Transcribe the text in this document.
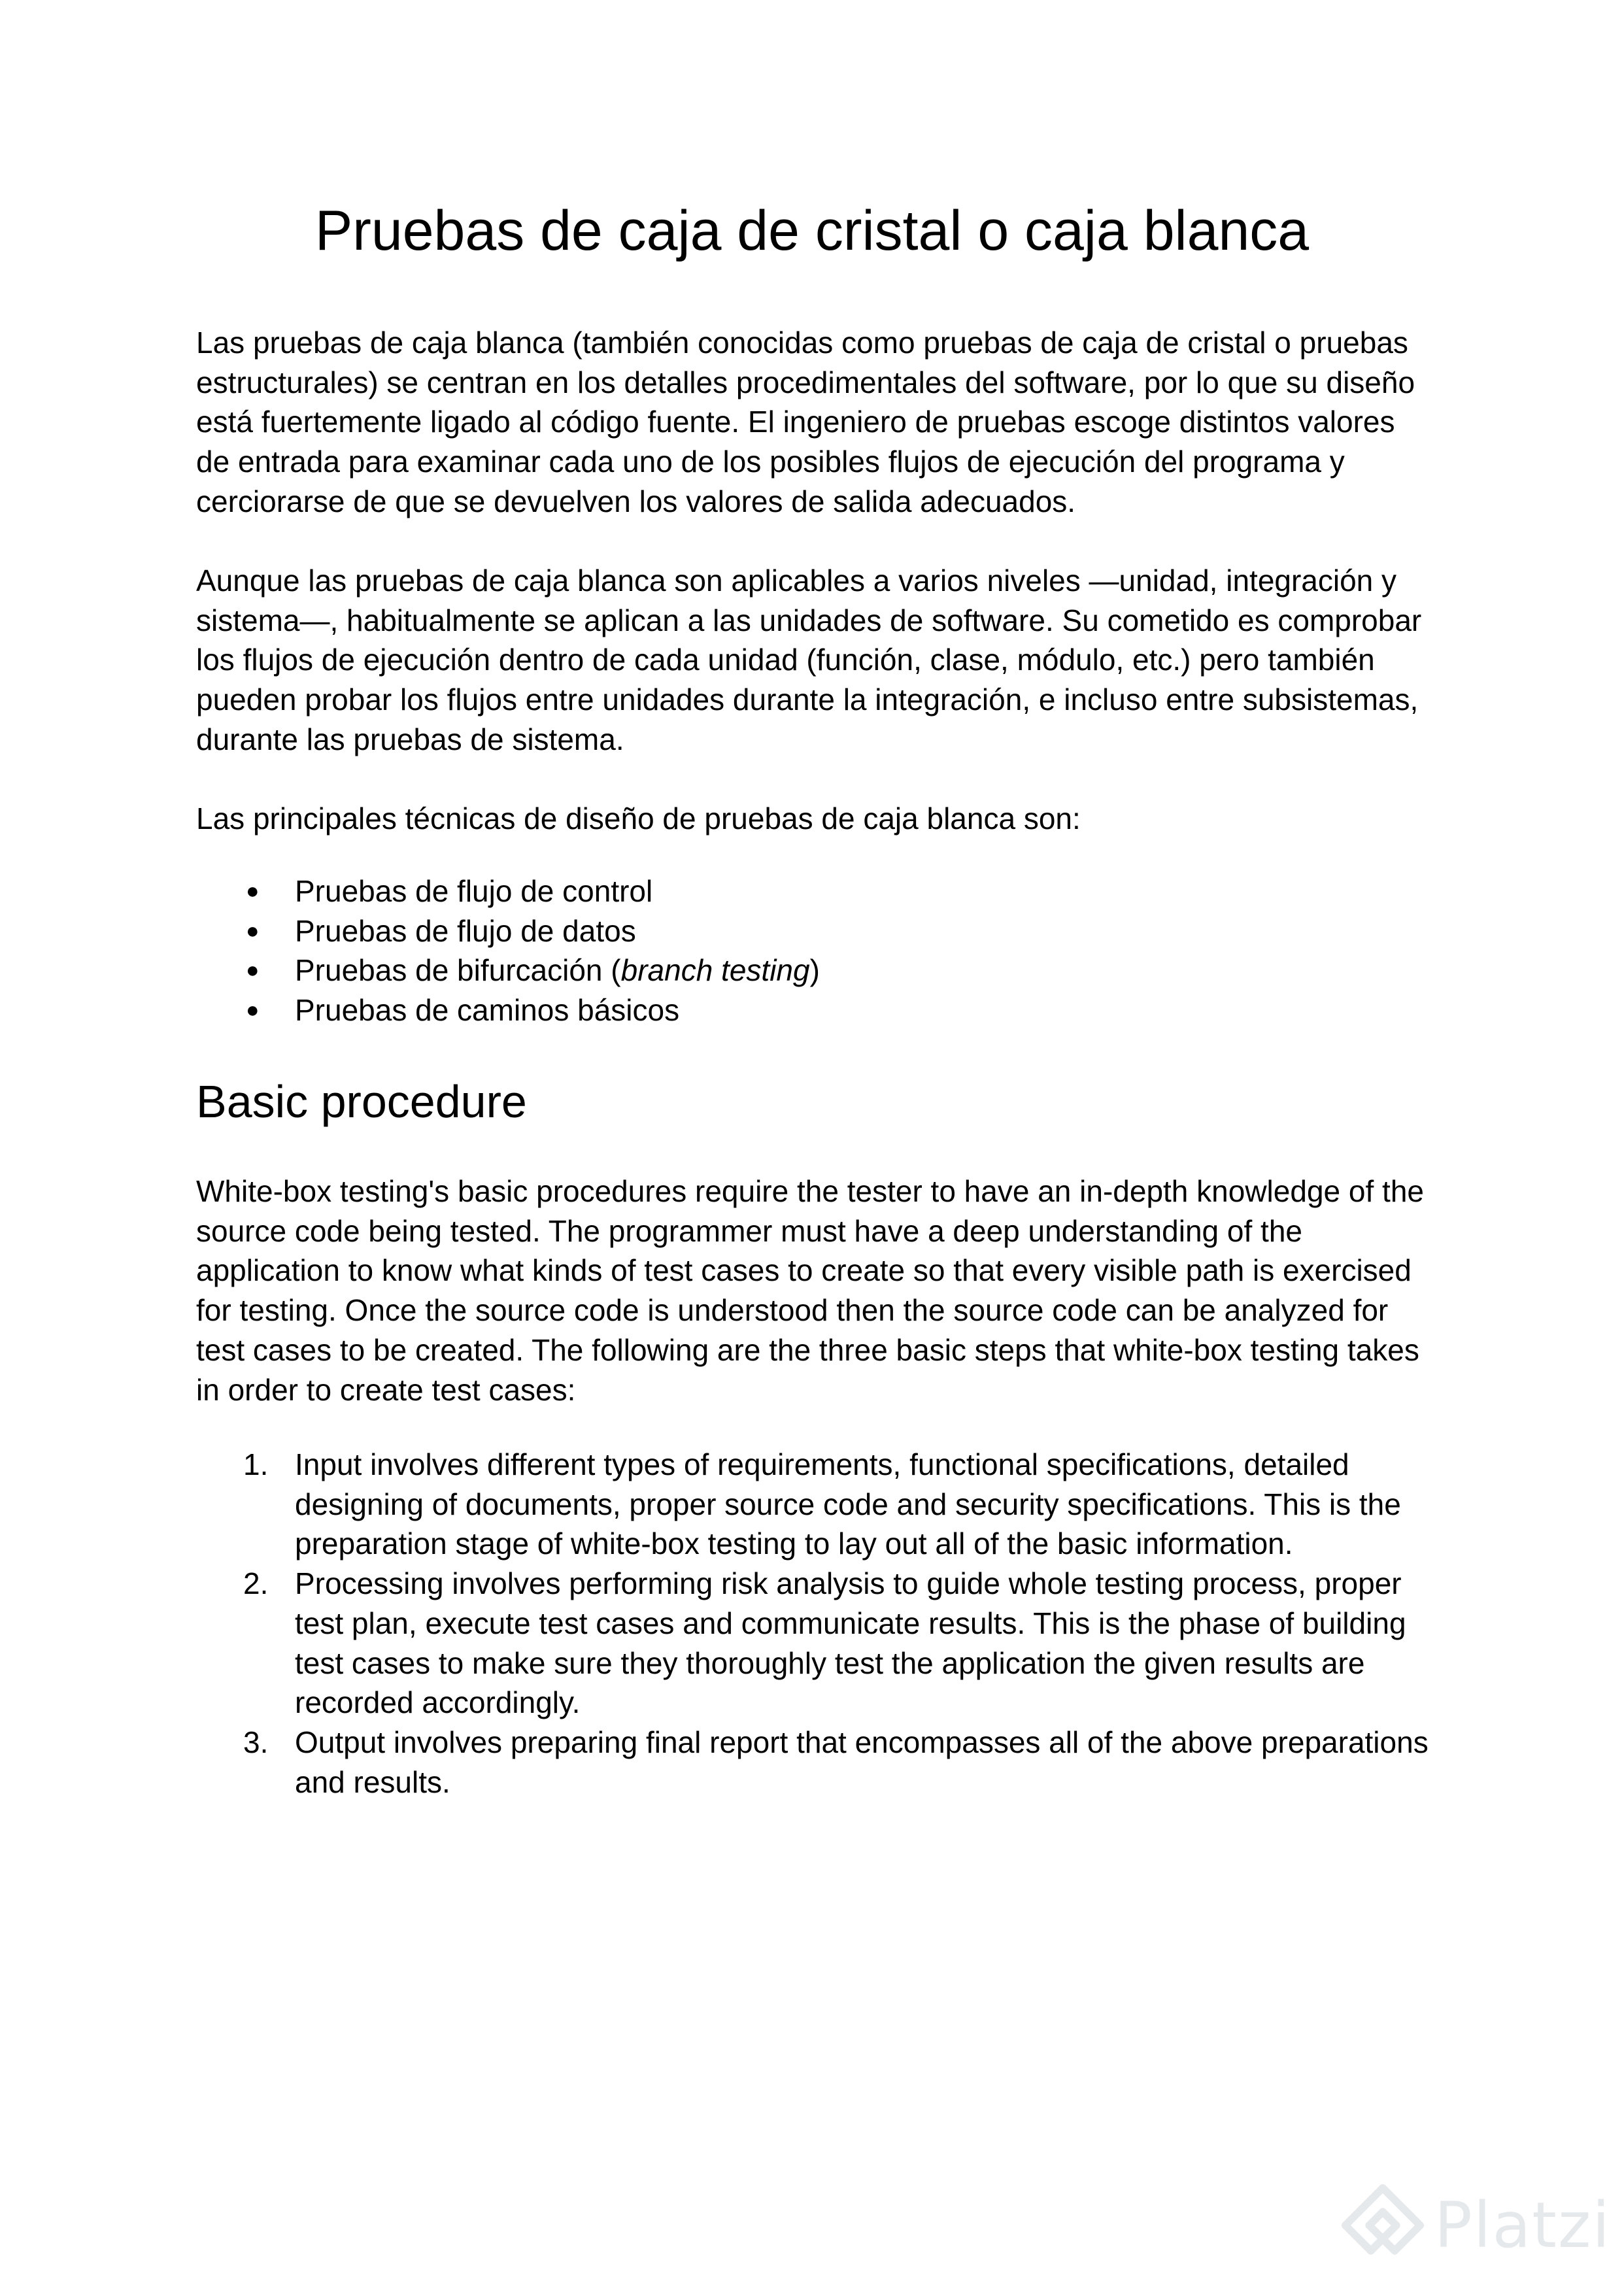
Pruebas de caja de cristal o caja blanca

Las pruebas de caja blanca (también conocidas como pruebas de caja de cristal o pruebas
estructurales) se centran en los detalles procedimentales del software, por lo que su diseño
está fuertemente ligado al código fuente. El ingeniero de pruebas escoge distintos valores
de entrada para examinar cada uno de los posibles flujos de ejecución del programa y
cerciorarse de que se devuelven los valores de salida adecuados.

Aunque las pruebas de caja blanca son aplicables a varios niveles —unidad, integración y
sistema—, habitualmente se aplican a las unidades de software. Su cometido es comprobar
los flujos de ejecución dentro de cada unidad (función, clase, módulo, etc.) pero también
pueden probar los flujos entre unidades durante la integración, e incluso entre subsistemas,
durante las pruebas de sistema.

Las principales técnicas de diseño de pruebas de caja blanca son:

● Pruebas de flujo de control
● Pruebas de flujo de datos
● Pruebas de bifurcación (branch testing)
● Pruebas de caminos básicos
Basic procedure

White-box testing's basic procedures require the tester to have an in-depth knowledge of the
source code being tested. The programmer must have a deep understanding of the
application to know what kinds of test cases to create so that every visible path is exercised
for testing. Once the source code is understood then the source code can be analyzed for
test cases to be created. The following are the three basic steps that white-box testing takes
in order to create test cases:

1. Input involves different types of requirements, functional specifications, detailed
designing of documents, proper source code and security specifications. This is the
preparation stage of white-box testing to lay out all of the basic information.
2. Processing involves performing risk analysis to guide whole testing process, proper
test plan, execute test cases and communicate results. This is the phase of building
test cases to make sure they thoroughly test the application the given results are
recorded accordingly.
3. Output involves preparing final report that encompasses all of the above preparations
and results.
Platzi
